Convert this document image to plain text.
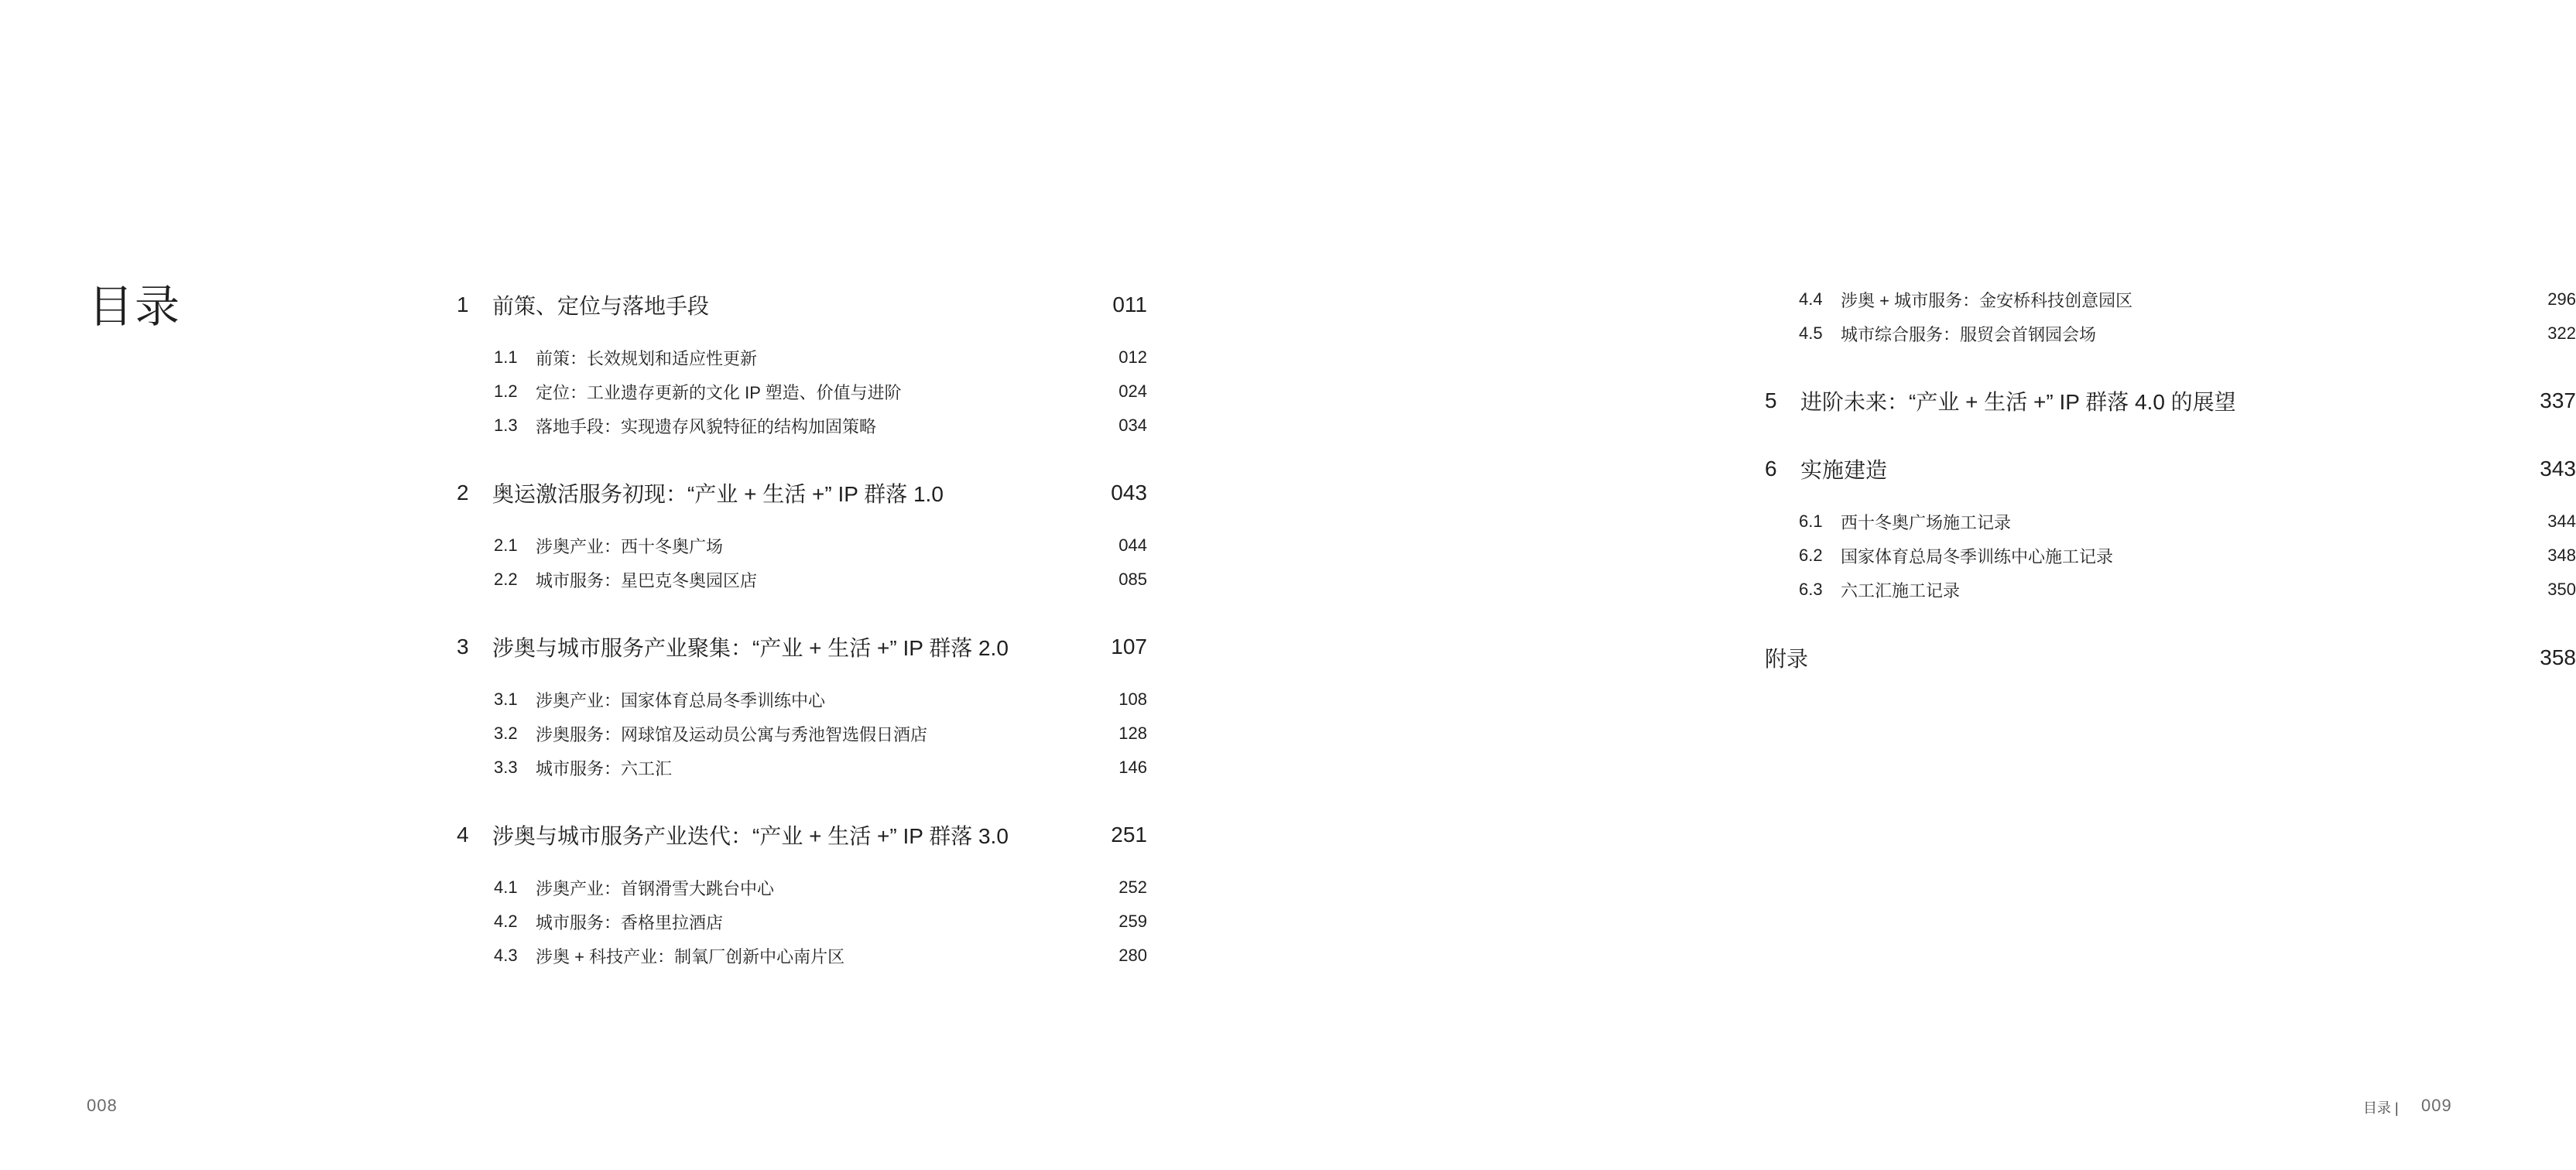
目录	1	前策、定位与落地手段	011
1.1	前策：长效规划和适应性更新	012
1.2	定位：工业遗存更新的文化 IP 塑造、价值与进阶	024
1.3	落地手段：实现遗存风貌特征的结构加固策略	034
2	奥运激活服务初现：“产业 + 生活 +” IP 群落 1.0	043
2.1	涉奥产业：西十冬奥广场	044
2.2	城市服务：星巴克冬奥园区店	085
3	涉奥与城市服务产业聚集：“产业 + 生活 +” IP 群落 2.0	107
3.1	涉奥产业：国家体育总局冬季训练中心	108
3.2	涉奥服务：网球馆及运动员公寓与秀池智选假日酒店	128
3.3	城市服务：六工汇	146
4	涉奥与城市服务产业迭代：“产业 + 生活 +” IP 群落 3.0	251
4.1	涉奥产业：首钢滑雪大跳台中心	252
4.2	城市服务：香格里拉酒店	259
4.3	涉奥 + 科技产业：制氧厂创新中心南片区	280
008
4.4	涉奥 + 城市服务：金安桥科技创意园区	296
4.5	城市综合服务：服贸会首钢园会场	322
5	进阶未来：“产业 + 生活 +” IP 群落 4.0 的展望	337
6	实施建造	343
6.1	西十冬奥广场施工记录	344
6.2	国家体育总局冬季训练中心施工记录	348
6.3	六工汇施工记录	350
附录	358
目录 | 009
